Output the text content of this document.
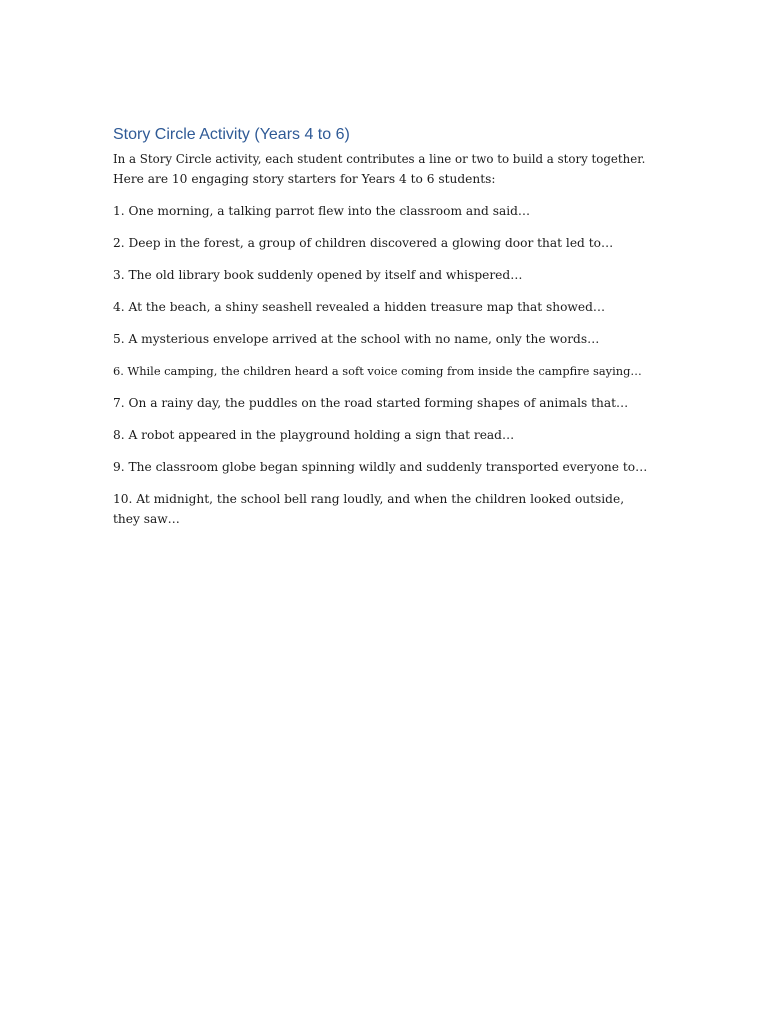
Story Circle Activity (Years 4 to 6)

In a Story Circle activity, each student contributes a line or two to build a story together.
Here are 10 engaging story starters for Years 4 to 6 students:

1. One morning, a talking parrot flew into the classroom and said…

2. Deep in the forest, a group of children discovered a glowing door that led to…

3. The old library book suddenly opened by itself and whispered…

4. At the beach, a shiny seashell revealed a hidden treasure map that showed…

5. A mysterious envelope arrived at the school with no name, only the words…

6. While camping, the children heard a soft voice coming from inside the campfire saying…

7. On a rainy day, the puddles on the road started forming shapes of animals that…

8. A robot appeared in the playground holding a sign that read…

9. The classroom globe began spinning wildly and suddenly transported everyone to…

10. At midnight, the school bell rang loudly, and when the children looked outside, they saw…
